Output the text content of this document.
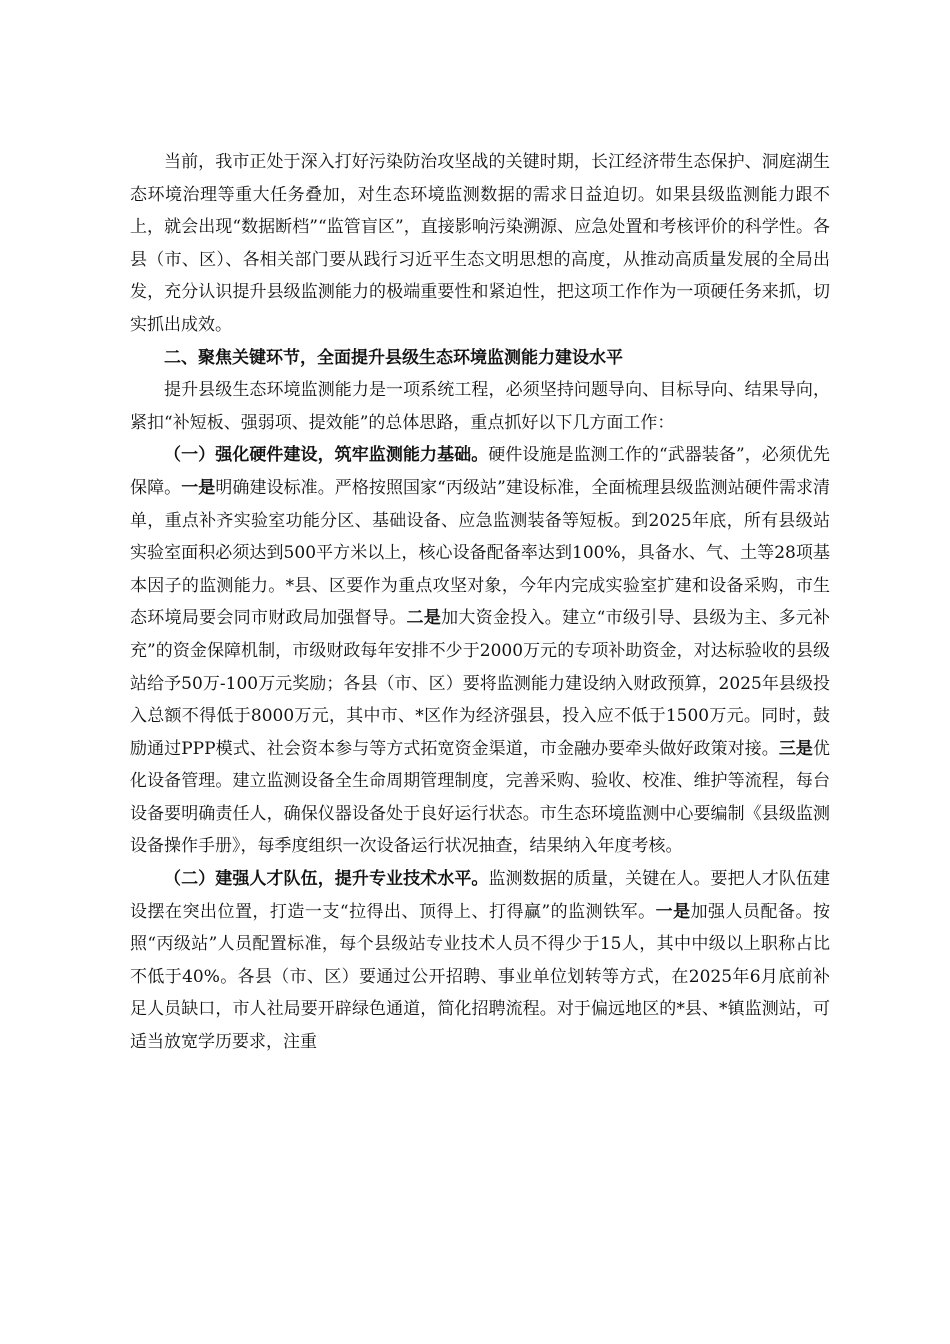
当前，我市正处于深入打好污染防治攻坚战的关键时期，长江经济带生态保护、洞庭湖生态环境治理等重大任务叠加，对生态环境监测数据的需求日益迫切。如果县级监测能力跟不上，就会出现“数据断档”“监管盲区”，直接影响污染溯源、应急处置和考核评价的科学性。各县（市、区）、各相关部门要从践行习近平生态文明思想的高度，从推动高质量发展的全局出发，充分认识提升县级监测能力的极端重要性和紧迫性，把这项工作作为一项硬任务来抓，切实抓出成效。

二、聚焦关键环节，全面提升县级生态环境监测能力建设水平

提升县级生态环境监测能力是一项系统工程，必须坚持问题导向、目标导向、结果导向，紧扣“补短板、强弱项、提效能”的总体思路，重点抓好以下几方面工作：

（一）强化硬件建设，筑牢监测能力基础。硬件设施是监测工作的“武器装备”，必须优先保障。一是明确建设标准。严格按照国家“丙级站”建设标准，全面梳理县级监测站硬件需求清单，重点补齐实验室功能分区、基础设备、应急监测装备等短板。到2025年底，所有县级站实验室面积必须达到500平方米以上，核心设备配备率达到100%，具备水、气、土等28项基本因子的监测能力。*县、区要作为重点攻坚对象，今年内完成实验室扩建和设备采购，市生态环境局要会同市财政局加强督导。二是加大资金投入。建立“市级引导、县级为主、多元补充”的资金保障机制，市级财政每年安排不少于2000万元的专项补助资金，对达标验收的县级站给予50万-100万元奖励；各县（市、区）要将监测能力建设纳入财政预算，2025年县级投入总额不得低于8000万元，其中市、*区作为经济强县，投入应不低于1500万元。同时，鼓励通过PPP模式、社会资本参与等方式拓宽资金渠道，市金融办要牵头做好政策对接。三是优化设备管理。建立监测设备全生命周期管理制度，完善采购、验收、校准、维护等流程，每台设备要明确责任人，确保仪器设备处于良好运行状态。市生态环境监测中心要编制《县级监测设备操作手册》，每季度组织一次设备运行状况抽查，结果纳入年度考核。

（二）建强人才队伍，提升专业技术水平。监测数据的质量，关键在人。要把人才队伍建设摆在突出位置，打造一支“拉得出、顶得上、打得赢”的监测铁军。一是加强人员配备。按照“丙级站”人员配置标准，每个县级站专业技术人员不得少于15人，其中中级以上职称占比不低于40%。各县（市、区）要通过公开招聘、事业单位划转等方式，在2025年6月底前补足人员缺口，市人社局要开辟绿色通道，简化招聘流程。对于偏远地区的*县、*镇监测站，可适当放宽学历要求，注重
